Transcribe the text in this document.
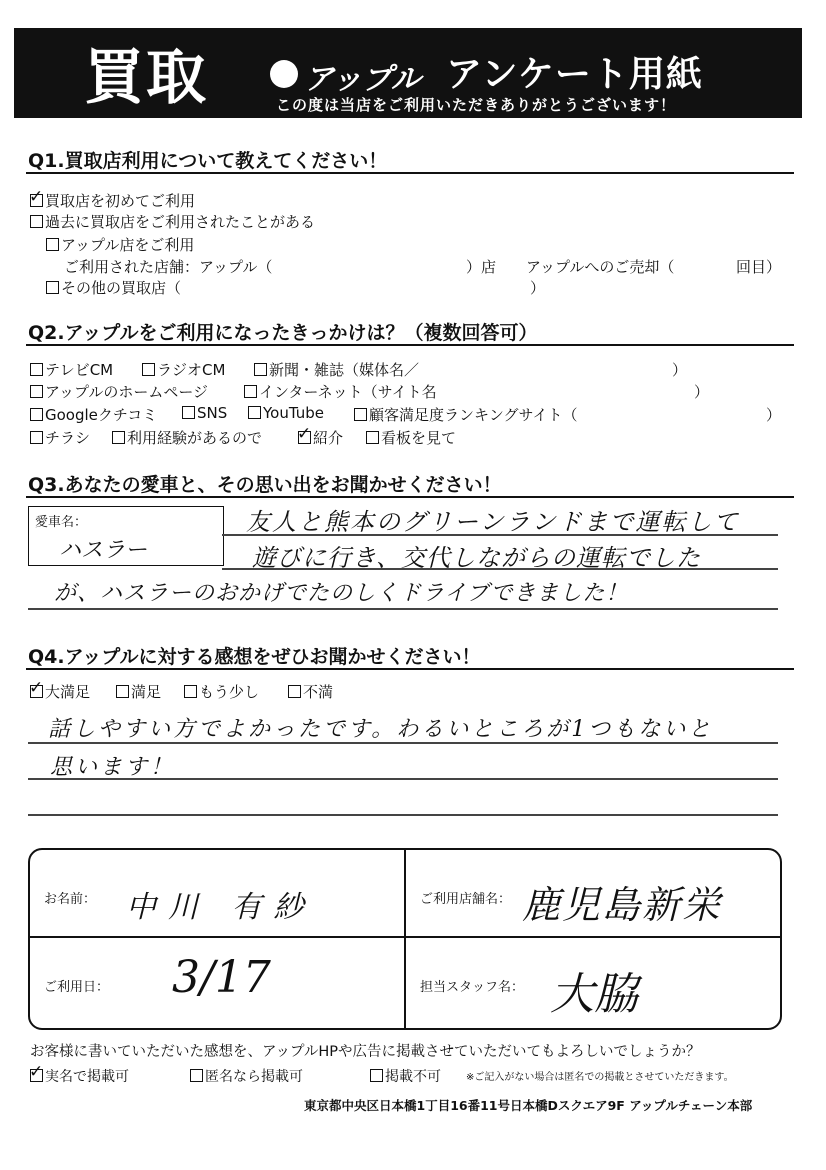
買取	アップル アンケート用紙
この度は当店をご利用いただきありがとうございます！
Q1.買取店利用について教えてください！
✓ 買取店を初めてご利用
過去に買取店をご利用されたことがある
アップル店をご利用
ご利用された店舗：アップル（	）店 アップルへのご売却（	回目）
その他の買取店（	）
Q2.アップルをご利用になったきっかけは？（複数回答可）
テレビCM	ラジオCM	新聞・雑誌（媒体名／	）
アップルのホームページ	インターネット（サイト名	）
Googleクチコミ	SNS	YouTube	顧客満足度ランキングサイト（	）
チラシ	利用経験があるので ✓ 紹介	看板を見て
Q3.あなたの愛車と、その思い出をお聞かせください！
愛車名：
ハスラー
友人と熊本のグリーンランドまで運転して
遊びに行き、交代しながらの運転でした
が、ハスラーのおかげでたのしくドライブできました！
Q4.アップルに対する感想をぜひお聞かせください！
✓ 大満足	満足	もう少し	不満
話しやすい方でよかったです。わるいところが1つもないと
思います！
お名前： 中川 有紗	ご利用店舗名： 鹿児島新栄
ご利用日： 3/17	担当スタッフ名： 大脇
お客様に書いていただいた感想を、アップルHPや広告に掲載させていただいてもよろしいでしょうか？
✓ 実名で掲載可	匿名なら掲載可	掲載不可	※ご記入がない場合は匿名での掲載とさせていただきます。
東京都中央区日本橋1丁目16番11号日本橋Dスクエア9F アップルチェーン本部
